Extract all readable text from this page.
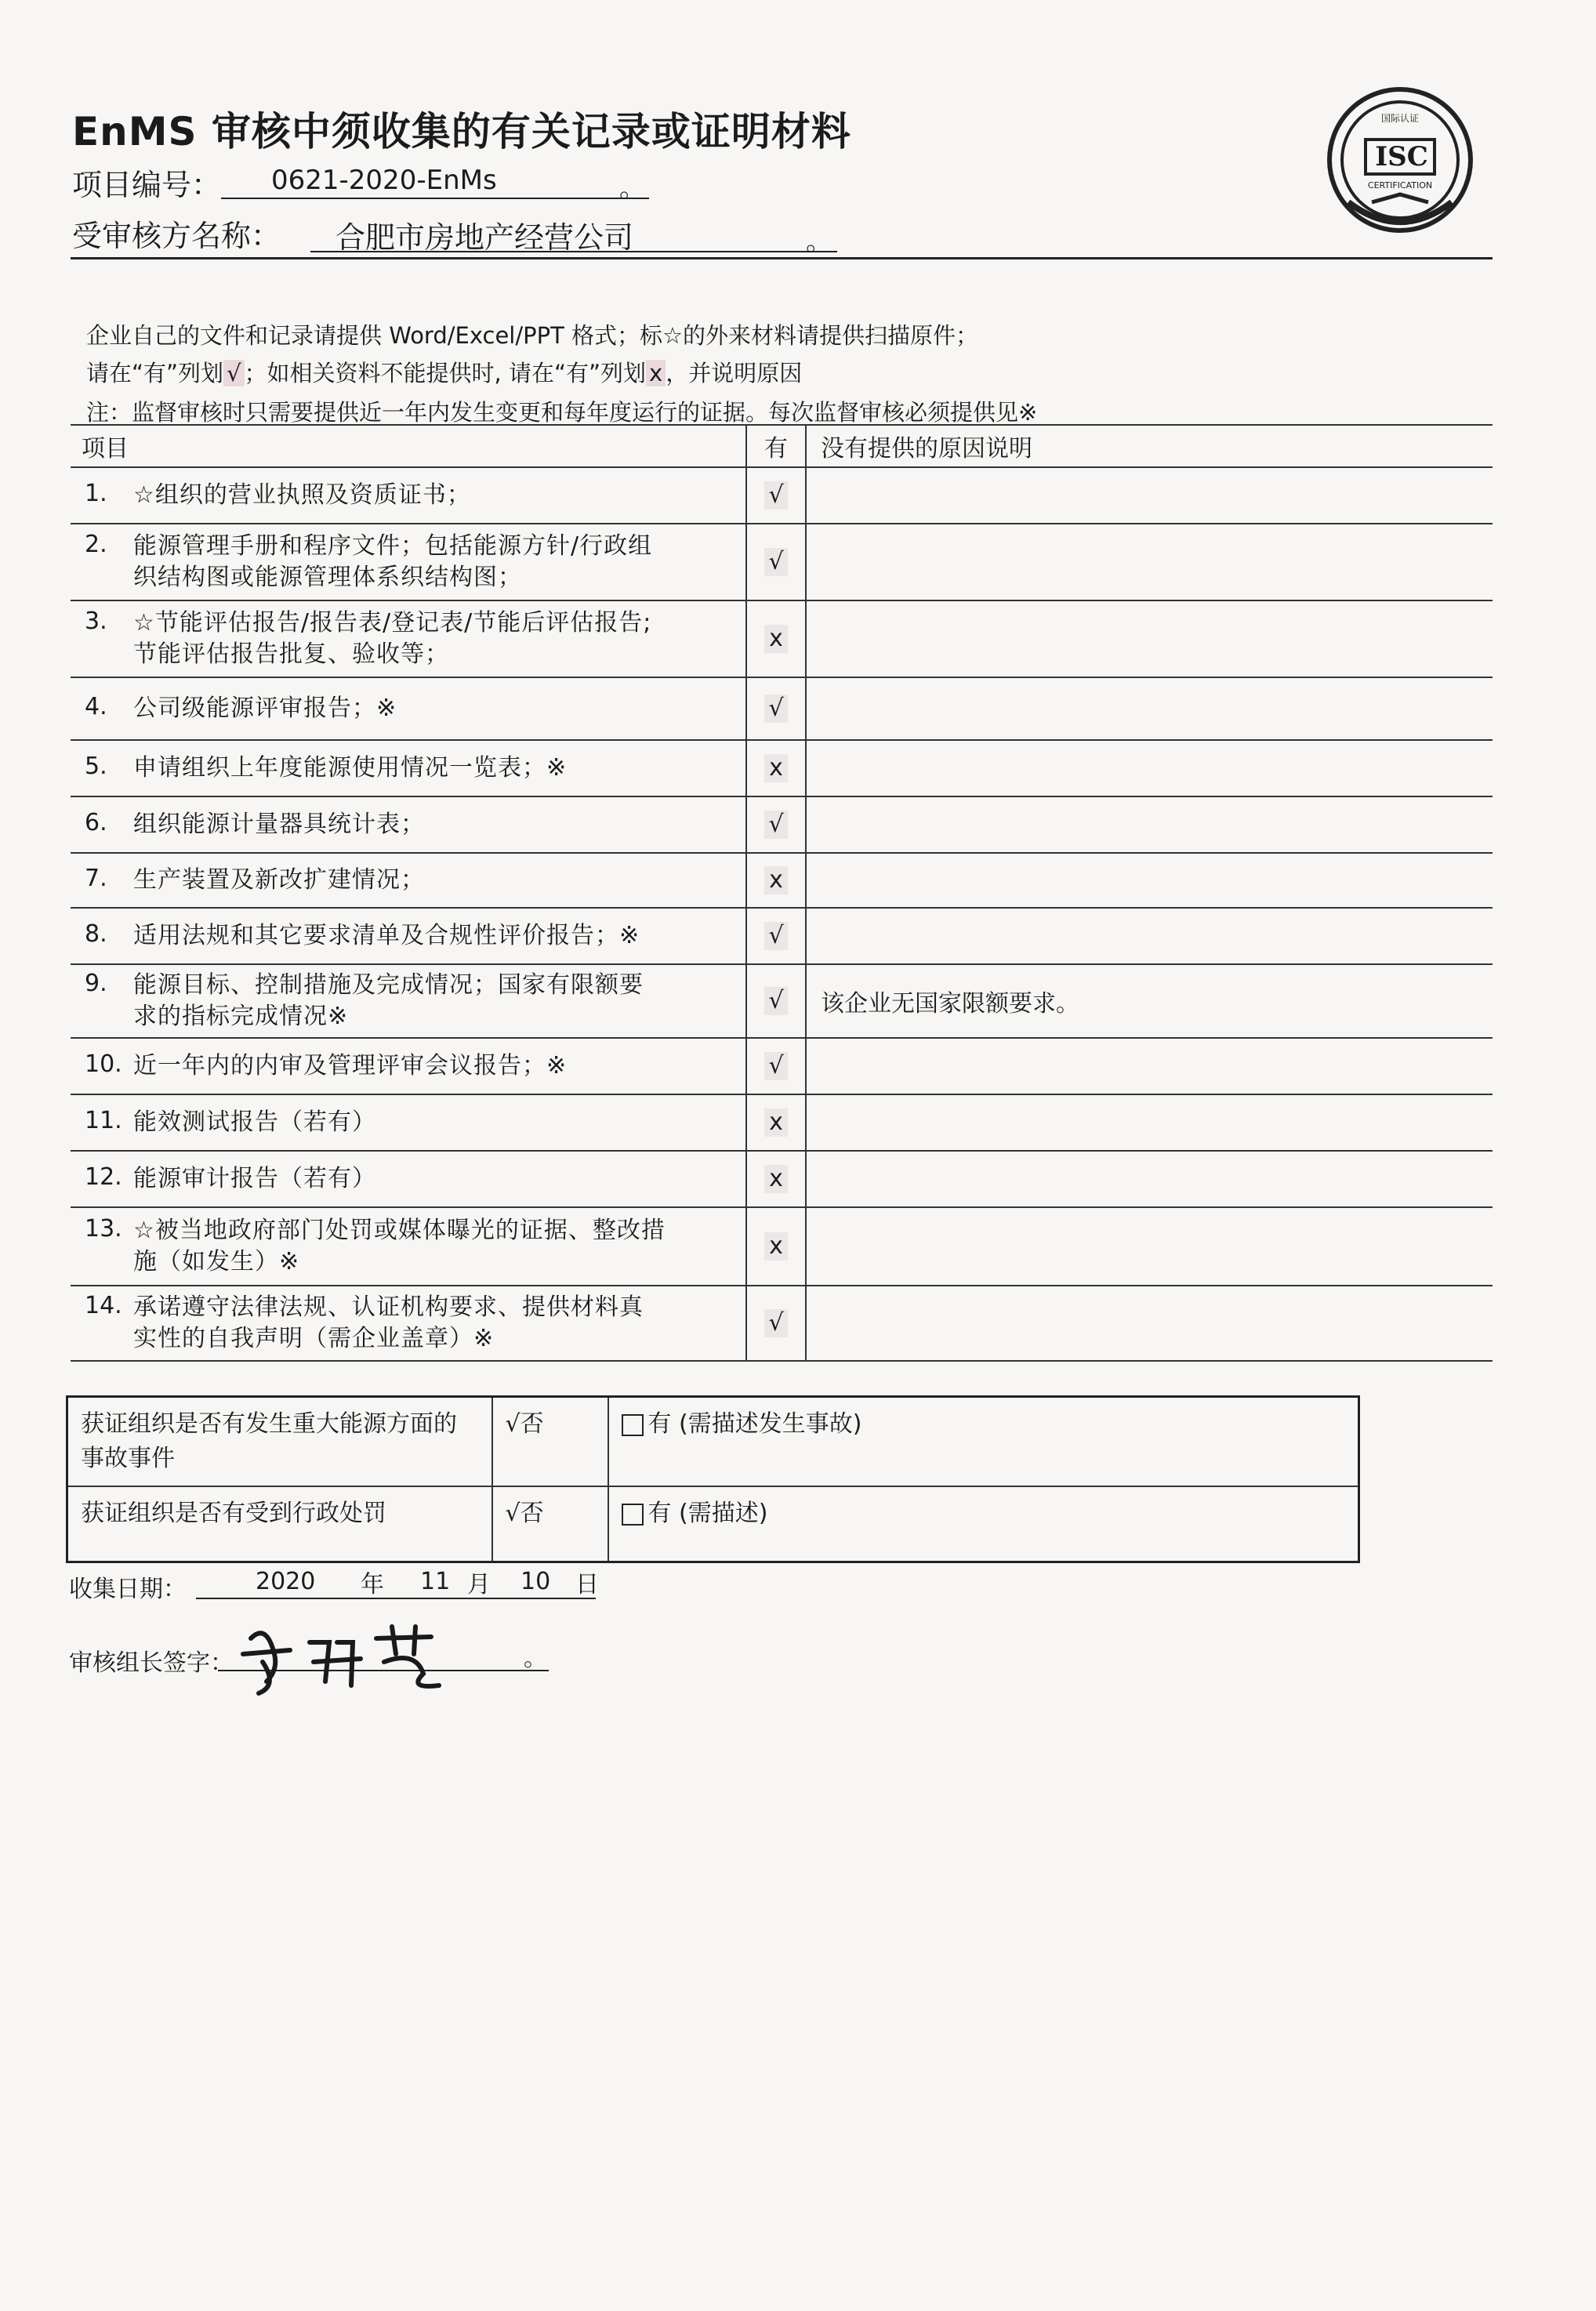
EnMS 审核中须收集的有关记录或证明材料
项目编号： 0621-2020-EnMs	。
受审核方名称： 合肥市房地产经营公司	。
ISC
国际认证
CERTIFICATION
企业自己的文件和记录请提供 Word/Excel/PPT 格式；标☆的外来材料请提供扫描原件；
请在“有”列划 √ ；如相关资料不能提供时, 请在“有”列划 x ，并说明原因
注：监督审核时只需要提供近一年内发生变更和每年度运行的证据。每次监督审核必须提供见※
项目	有	没有提供的原因说明
1. ☆组织的营业执照及资质证书；	√	
2. 能源管理手册和程序文件；包括能源方针/行政组
织结构图或能源管理体系织结构图；	√	
3. ☆节能评估报告/报告表/登记表/节能后评估报告;
节能评估报告批复、验收等；	x	
4. 公司级能源评审报告；※	√	
5. 申请组织上年度能源使用情况一览表；※	x	
6. 组织能源计量器具统计表；	√	
7. 生产装置及新改扩建情况；	x	
8. 适用法规和其它要求清单及合规性评价报告；※	√	
9. 能源目标、控制措施及完成情况；国家有限额要
求的指标完成情况※	√	该企业无国家限额要求。
10. 近一年内的内审及管理评审会议报告；※	√	
11. 能效测试报告（若有）	x	
12. 能源审计报告（若有）	x	
13. ☆被当地政府部门处罚或媒体曝光的证据、整改措
施（如发生）※	x	
14. 承诺遵守法律法规、认证机构要求、提供材料真
实性的自我声明（需企业盖章）※	√	
获证组织是否有发生重大能源方面的事故事件	√否	有 (需描述发生事故)
获证组织是否有受到行政处罚	√否	有 (需描述)
收集日期：	2020 年 11 月 10 日
审核组长签字：	。
